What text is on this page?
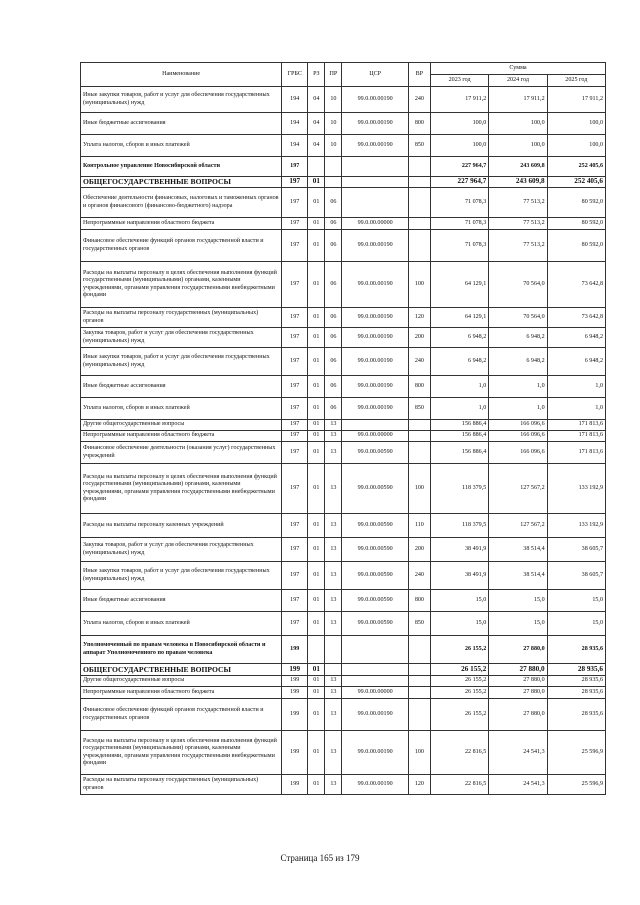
Наименование	ГРБС	РЗ	ПР	ЦСР	ВР	Сумма		
						2023 год	2024 год	2025 год
Иные закупки товаров, работ и услуг для обеспечения государственных (муниципальных) нужд	194	04	10	99.0.00.00190	240	17 911,2	17 911,2	17 911,2
Иные бюджетные ассигнования	194	04	10	99.0.00.00190	800	100,0	100,0	100,0
Уплата налогов, сборов и иных платежей	194	04	10	99.0.00.00190	850	100,0	100,0	100,0
Контрольное управление Новосибирской области	197					227 964,7	243 609,8	252 405,6
ОБЩЕГОСУДАРСТВЕННЫЕ ВОПРОСЫ	197	01				227 964,7	243 609,8	252 405,6
Обеспечение деятельности финансовых, налоговых и таможенных органов и органов финансового (финансово-бюджетного) надзора	197	01	06			71 078,3	77 513,2	80 592,0
Непрограммные направления областного бюджета	197	01	06	99.0.00.00000		71 078,3	77 513,2	80 592,0
Финансовое обеспечение функций органов государственной власти и государственных органов	197	01	06	99.0.00.00190		71 078,3	77 513,2	80 592,0
Расходы на выплаты персоналу в целях обеспечения выполнения функций государственными (муниципальными) органами, казенными учреждениями, органами управления государственными внебюджетными фондами	197	01	06	99.0.00.00190	100	64 129,1	70 564,0	73 642,8
Расходы на выплаты персоналу государственных (муниципальных) органов	197	01	06	99.0.00.00190	120	64 129,1	70 564,0	73 642,8
Закупка товаров, работ и услуг для обеспечения государственных (муниципальных) нужд	197	01	06	99.0.00.00190	200	6 948,2	6 948,2	6 948,2
Иные закупки товаров, работ и услуг для обеспечения государственных (муниципальных) нужд	197	01	06	99.0.00.00190	240	6 948,2	6 948,2	6 948,2
Иные бюджетные ассигнования	197	01	06	99.0.00.00190	800	1,0	1,0	1,0
Уплата налогов, сборов и иных платежей	197	01	06	99.0.00.00190	850	1,0	1,0	1,0
Другие общегосударственные вопросы	197	01	13			156 886,4	166 096,6	171 813,6
Непрограммные направления областного бюджета	197	01	13	99.0.00.00000		156 886,4	166 096,6	171 813,6
Финансовое обеспечение деятельности (оказания услуг) государственных учреждений	197	01	13	99.0.00.00590		156 886,4	166 096,6	171 813,6
Расходы на выплаты персоналу в целях обеспечения выполнения функций государственными (муниципальными) органами, казенными учреждениями, органами управления государственными внебюджетными фондами	197	01	13	99.0.00.00590	100	118 379,5	127 567,2	133 192,9
Расходы на выплаты персоналу казенных учреждений	197	01	13	99.0.00.00590	110	118 379,5	127 567,2	133 192,9
Закупка товаров, работ и услуг для обеспечения государственных (муниципальных) нужд	197	01	13	99.0.00.00590	200	38 491,9	38 514,4	38 605,7
Иные закупки товаров, работ и услуг для обеспечения государственных (муниципальных) нужд	197	01	13	99.0.00.00590	240	38 491,9	38 514,4	38 605,7
Иные бюджетные ассигнования	197	01	13	99.0.00.00590	800	15,0	15,0	15,0
Уплата налогов, сборов и иных платежей	197	01	13	99.0.00.00590	850	15,0	15,0	15,0
Уполномоченный по правам человека в Новосибирской области и аппарат Уполномоченного по правам человека	199					26 155,2	27 880,0	28 935,6
ОБЩЕГОСУДАРСТВЕННЫЕ ВОПРОСЫ	199	01				26 155,2	27 880,0	28 935,6
Другие общегосударственные вопросы	199	01	13			26 155,2	27 880,0	28 935,6
Непрограммные направления областного бюджета	199	01	13	99.0.00.00000		26 155,2	27 880,0	28 935,6
Финансовое обеспечение функций органов государственной власти и государственных органов	199	01	13	99.0.00.00190		26 155,2	27 880,0	28 935,6
Расходы на выплаты персоналу в целях обеспечения выполнения функций государственными (муниципальными) органами, казенными учреждениями, органами управления государственными внебюджетными фондами	199	01	13	99.0.00.00190	100	22 816,5	24 541,3	25 596,9
Расходы на выплаты персоналу государственных (муниципальных) органов	199	01	13	99.0.00.00190	120	22 816,5	24 541,3	25 596,9
Страница 165 из 179
